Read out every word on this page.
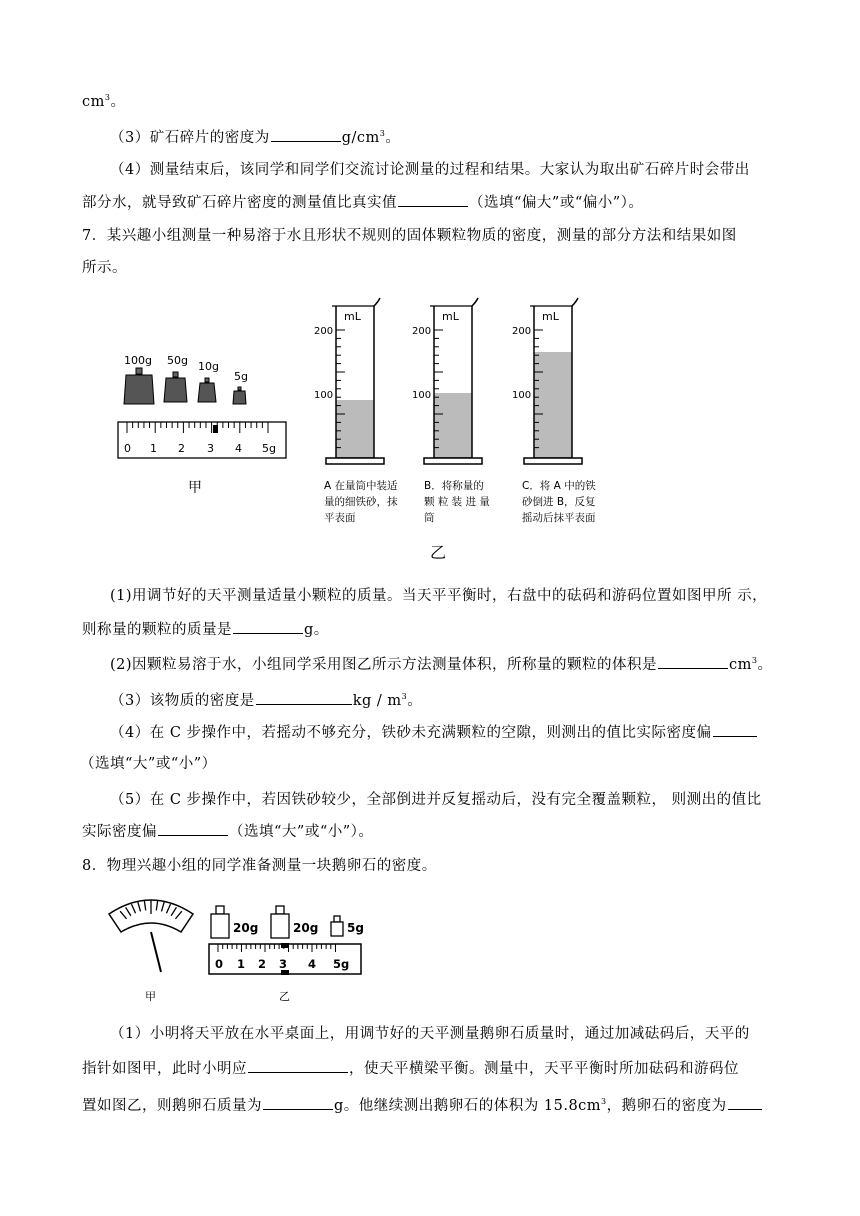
$cm^3$。
（3）矿石碎片的密度为	$g/cm^3$。
（4）测量结束后，该同学和同学们交流讨论测量的过程和结果。大家认为取出矿石碎片时会带出
部分水，就导致矿石碎片密度的测量值比真实值	（选填“偏大”或“偏小”）。
7．某兴趣小组测量一种易溶于水且形状不规则的固体颗粒物质的密度，测量的部分方法和结果如图
所示。
100g 50g 10g
5g
0 1 2 3 4 5g
甲
mL
200
100
mL
200
100
mL
200
100
A 在量筒中装适
量的细铁砂，抹
平表面
B．将称量的
颗 粒 装 进 量
筒
C．将 A 中的铁
砂倒进 B，反复
摇动后抹平表面
乙
(1)用调节好的天平测量适量小颗粒的质量。当天平平衡时，右盘中的砝码和游码位置如图甲所 示，
则称量的颗粒的质量是	g。
(2)因颗粒易溶于水，小组同学采用图乙所示方法测量体积，所称量的颗粒的体积是	$cm^3$。
（3）该物质的密度是	kg / $m^3$。
（4）在 C 步操作中，若摇动不够充分，铁砂未充满颗粒的空隙，则测出的值比实际密度偏
（选填“大”或“小”）
（5）在 C 步操作中，若因铁砂较少，全部倒进并反复摇动后，没有完全覆盖颗粒， 则测出的值比
实际密度偏	（选填“大”或“小”）。
8．物理兴趣小组的同学准备测量一块鹅卵石的密度。
甲
20g	20g 5g
0 1 2 3 4 5g
乙
（1）小明将天平放在水平桌面上，用调节好的天平测量鹅卵石质量时，通过加减砝码后，天平的
指针如图甲，此时小明应	，使天平横梁平衡。测量中，天平平衡时所加砝码和游码位
置如图乙，则鹅卵石质量为	g。他继续测出鹅卵石的体积为 $15.8cm^3$，鹅卵石的密度为
